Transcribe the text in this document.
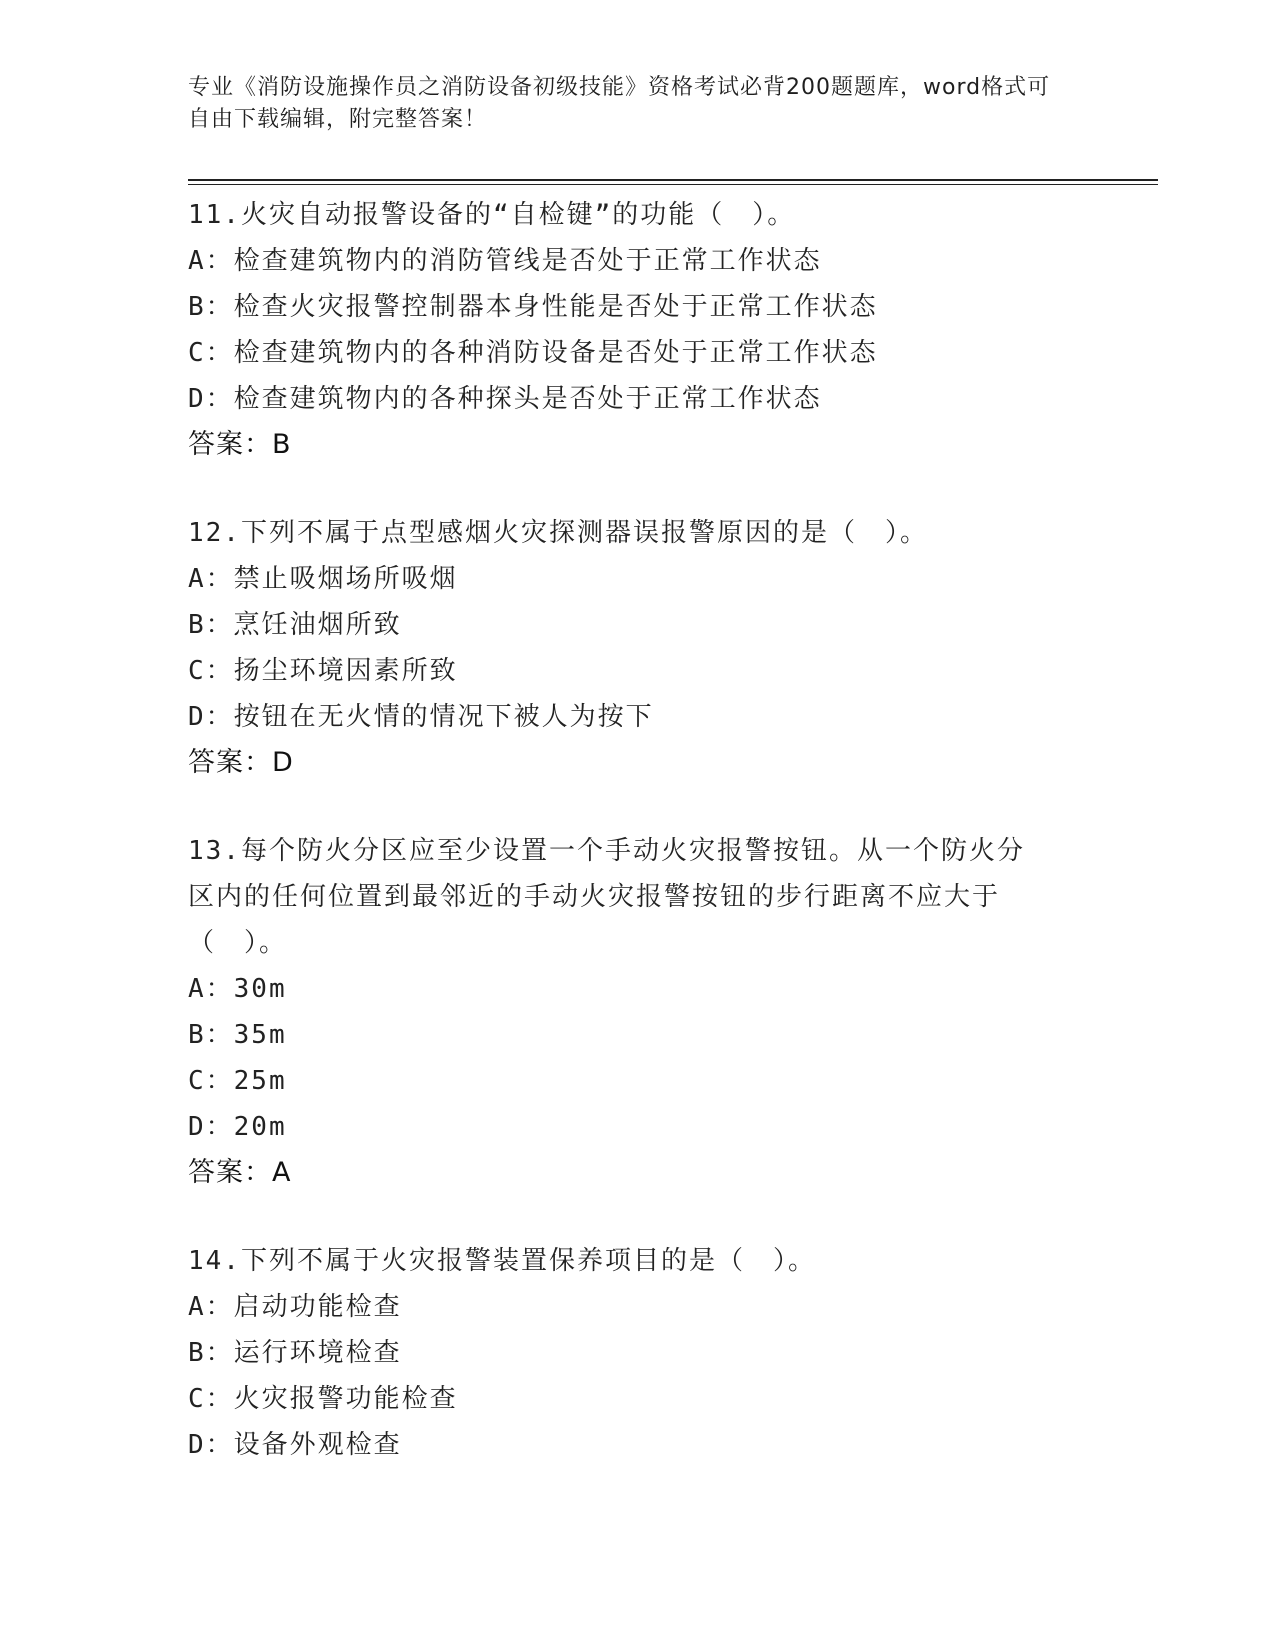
专业《消防设施操作员之消防设备初级技能》资格考试必背200题题库，word格式可自由下载编辑，附完整答案！
11.火灾自动报警设备的“自检键”的功能（　）。
A：检查建筑物内的消防管线是否处于正常工作状态
B：检查火灾报警控制器本身性能是否处于正常工作状态
C：检查建筑物内的各种消防设备是否处于正常工作状态
D：检查建筑物内的各种探头是否处于正常工作状态
答案：B
12.下列不属于点型感烟火灾探测器误报警原因的是（　）。
A：禁止吸烟场所吸烟
B：烹饪油烟所致
C：扬尘环境因素所致
D：按钮在无火情的情况下被人为按下
答案：D
13.每个防火分区应至少设置一个手动火灾报警按钮。从一个防火分区内的任何位置到最邻近的手动火灾报警按钮的步行距离不应大于（　）。
A：30m
B：35m
C：25m
D：20m
答案：A
14.下列不属于火灾报警装置保养项目的是（　）。
A：启动功能检查
B：运行环境检查
C：火灾报警功能检查
D：设备外观检查
